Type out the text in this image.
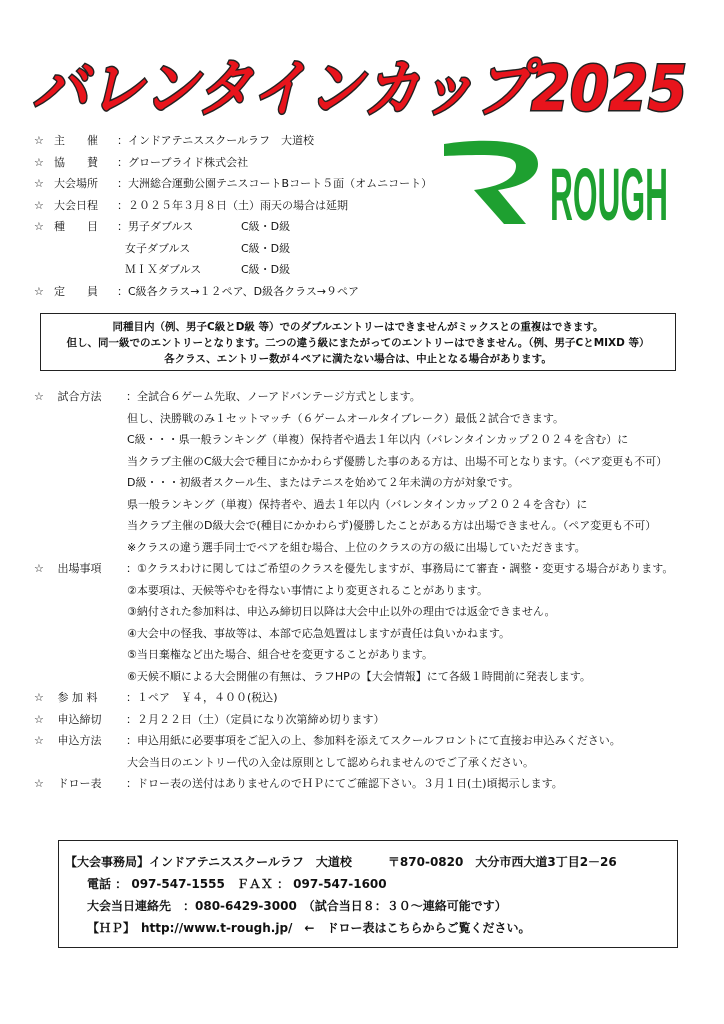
バレンタインカップ2025
ROUGH
☆ 主　　催	：インドアテニススクールラフ　大道校
☆ 協　　賛	：グローブライド株式会社
☆ 大会場所	：大洲総合運動公園テニスコートBコート５面（オムニコート）
☆ 大会日程	：２０２５年３月８日（土）雨天の場合は延期
☆ 種　　目	：男子ダブルス	C級・D級
女子ダブルス	C級・D級
ＭＩＸダブルス	C級・D級
☆ 定　　員	：C級各クラス→１２ペア、D級各クラス→９ペア
同種目内（例、男子C級とD級 等）でのダブルエントリーはできませんがミックスとの重複はできます。
但し、同一級でのエントリーとなります。二つの違う級にまたがってのエントリーはできません。（例、男子CとMIXD 等）
各クラス、エントリー数が４ペアに満たない場合は、中止となる場合があります。
☆ 試合方法 ：全試合６ゲーム先取、ノーアドバンテージ方式とします。
但し、決勝戦のみ１セットマッチ（６ゲームオールタイブレーク）最低２試合できます。
C級・・・県一般ランキング（単複）保持者や過去１年以内（バレンタインカップ２０２４を含む）に
当クラブ主催のC級大会で種目にかかわらず優勝した事のある方は、出場不可となります。（ペア変更も不可）
D級・・・初級者スクール生、またはテニスを始めて２年未満の方が対象です。
県一般ランキング（単複）保持者や、過去１年以内（バレンタインカップ２０２４を含む）に
当クラブ主催のD級大会で(種目にかかわらず)優勝したことがある方は出場できません。（ペア変更も不可）
※クラスの違う選手同士でペアを組む場合、上位のクラスの方の級に出場していただきます。
☆ 出場事項 ：①クラスわけに関してはご希望のクラスを優先しますが、事務局にて審査・調整・変更する場合があります。
②本要項は、天候等やむを得ない事情により変更されることがあります。
③納付された参加料は、申込み締切日以降は大会中止以外の理由では返金できません。
④大会中の怪我、事故等は、本部で応急処置はしますが責任は負いかねます。
⑤当日棄権など出た場合、組合せを変更することがあります。
⑥天候不順による大会開催の有無は、ラフHPの【大会情報】にて各級１時間前に発表します。
☆ 参 加 料	：１ペア　￥４，４００(税込)
☆ 申込締切 ：２月２２日（土）（定員になり次第締め切ります）
☆ 申込方法 ：申込用紙に必要事項をご記入の上、参加料を添えてスクールフロントにて直接お申込みください。
大会当日のエントリー代の入金は原則として認められませんのでご了承ください。
☆ ドロー表 ：ドロー表の送付はありませんのでＨＰにてご確認下さい。３月１日(土)頃掲示します。
【大会事務局】インドアテニススクールラフ　大道校　　　〒870-0820　大分市西大道3丁目2－26
電話 ： 097-547-1555　ＦＡＸ ： 097-547-1600
大会当日連絡先　：080-6429-3000　（試合当日８：３０～連絡可能です）
【ＨＰ】　http://www.t-rough.jp/　←　ドロー表はこちらからご覧ください。
